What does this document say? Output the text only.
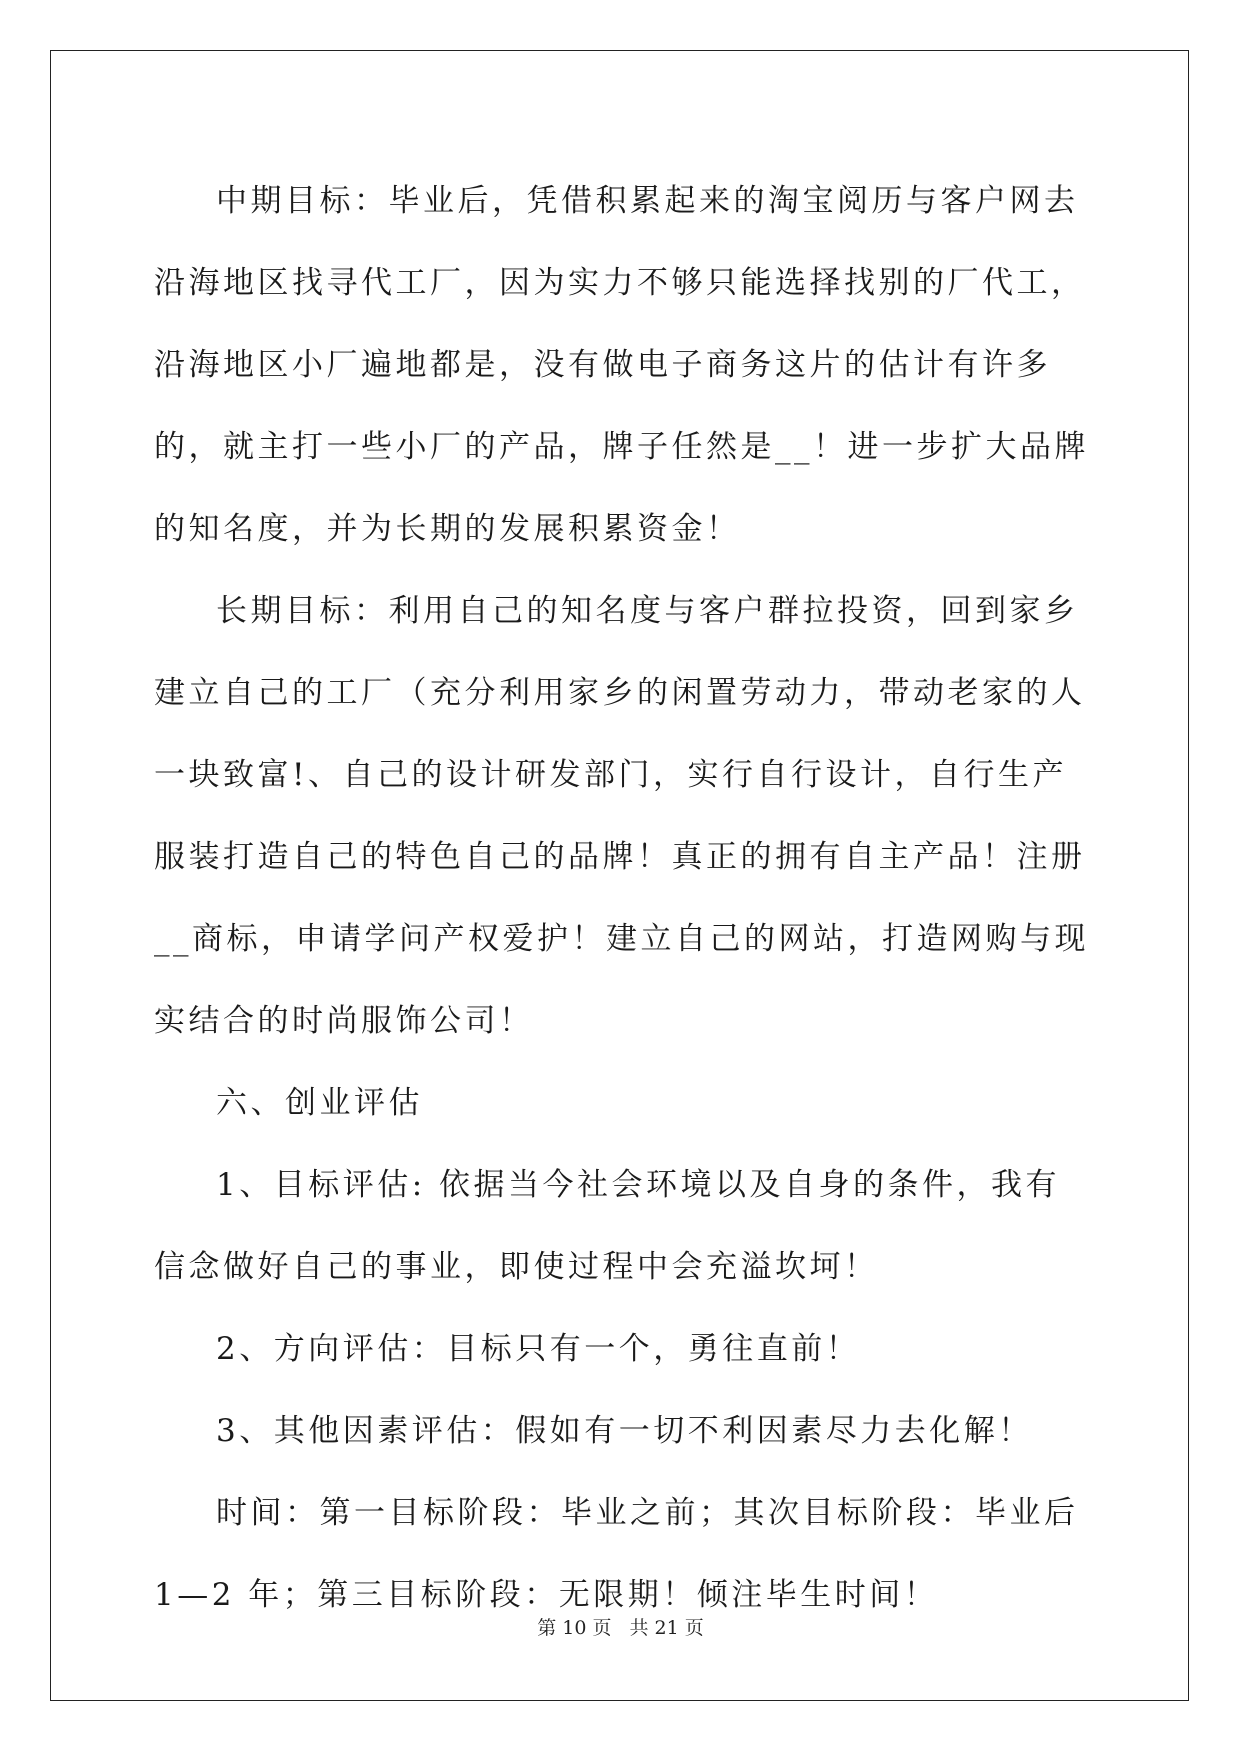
中期目标：毕业后，凭借积累起来的淘宝阅历与客户网去沿海地区找寻代工厂，因为实力不够只能选择找别的厂代工，沿海地区小厂遍地都是，没有做电子商务这片的估计有许多的，就主打一些小厂的产品，牌子任然是__！进一步扩大品牌的知名度，并为长期的发展积累资金！

长期目标：利用自己的知名度与客户群拉投资，回到家乡建立自己的工厂（充分利用家乡的闲置劳动力，带动老家的人一块致富!、自己的设计研发部门，实行自行设计，自行生产服装打造自己的特色自己的品牌！真正的拥有自主产品！注册__商标，申请学问产权爱护！建立自己的网站，打造网购与现实结合的时尚服饰公司！

六、创业评估

1、目标评估: 依据当今社会环境以及自身的条件，我有信念做好自己的事业，即使过程中会充溢坎坷！

2、方向评估：目标只有一个，勇往直前！

3、其他因素评估：假如有一切不利因素尽力去化解！

时间：第一目标阶段：毕业之前；其次目标阶段：毕业后 1—2 年；第三目标阶段：无限期！倾注毕生时间！

第 10 页 共 21 页
